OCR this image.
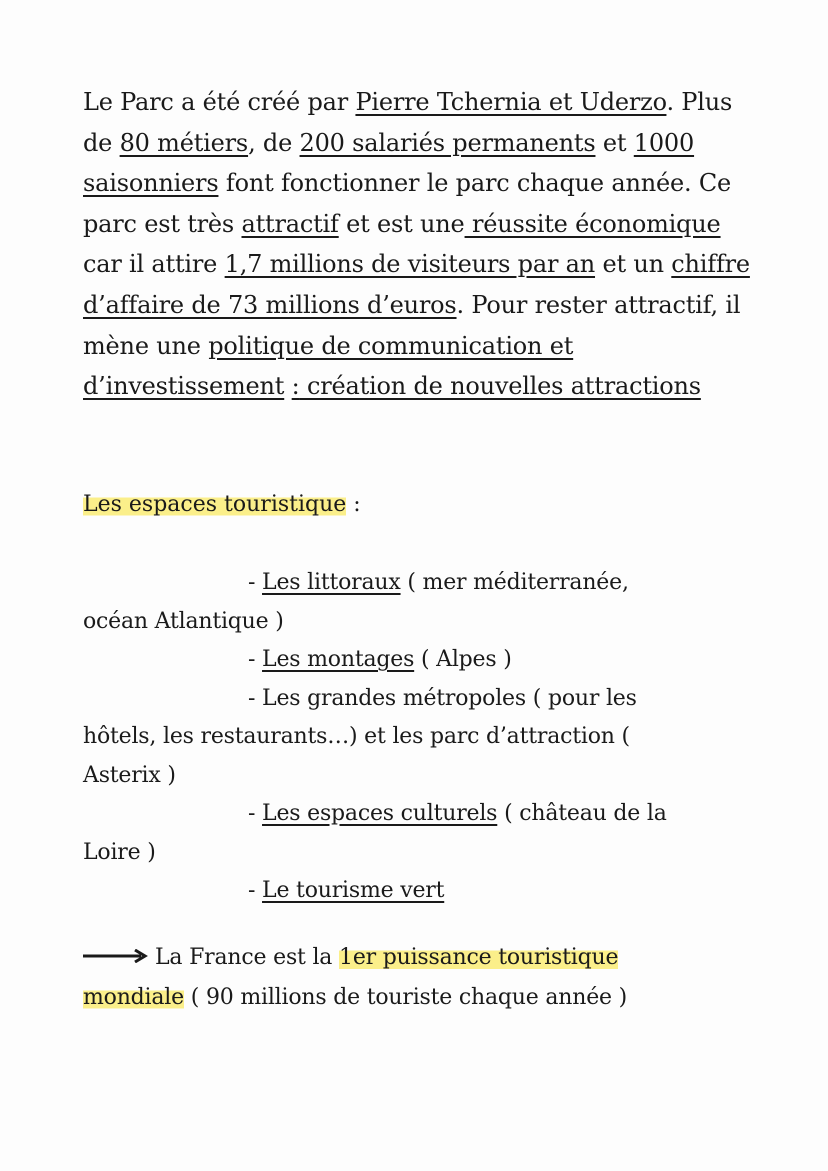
Le Parc a été créé par Pierre Tchernia et Uderzo. Plus de 80 métiers, de 200 salariés permanents et 1000 saisonniers font fonctionner le parc chaque année. Ce parc est très attractif et est une réussite économique car il attire 1,7 millions de visiteurs par an et un chiffre d’affaire de 73 millions d’euros. Pour rester attractif, il mène une politique de communication et d’investissement : création de nouvelles attractions

Les espaces touristique :
- Les littoraux ( mer méditerranée,
océan Atlantique )
- Les montages ( Alpes )
- Les grandes métropoles ( pour les
hôtels, les restaurants…) et les parc d’attraction (
Asterix )
- Les espaces culturels ( château de la
Loire )
- Le tourisme vert
La France est la 1er puissance touristique
mondiale ( 90 millions de touriste chaque année )
